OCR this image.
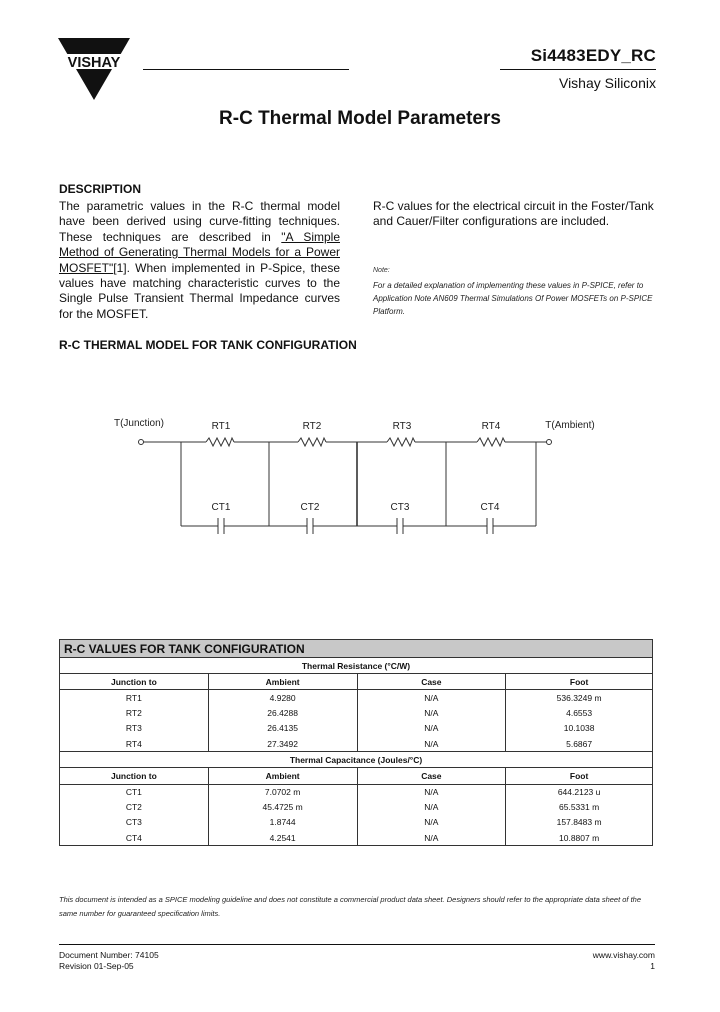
VISHAY	Si4483EDY_RC
Vishay Siliconix
R-C Thermal Model Parameters
DESCRIPTION
The parametric values in the R-C thermal model have been derived using curve-fitting techniques. These techniques are described in "A Simple Method of Generating Thermal Models for a Power MOSFET"[1]. When implemented in P-Spice, these values have matching characteristic curves to the Single Pulse Transient Thermal Impedance curves for the MOSFET.
R-C values for the electrical circuit in the Foster/Tank and Cauer/Filter configurations are included.
Note:
For a detailed explanation of implementing these values in P-SPICE, refer to Application Note AN609 Thermal Simulations Of Power MOSFETs on P-SPICE Platform.
R-C THERMAL MODEL FOR TANK CONFIGURATION
T(Junction)	T(Ambient)
RT1	RT2	RT3	RT4
CT1	CT2	CT3	CT4
R-C VALUES FOR TANK CONFIGURATION			
Thermal Resistance (°C/W)			
Junction to	Ambient	Case	Foot
RT1	4.9280	N/A	536.3249 m
RT2	26.4288	N/A	4.6553
RT3	26.4135	N/A	10.1038
RT4	27.3492	N/A	5.6867
Thermal Capacitance (Joules/°C)			
Junction to	Ambient	Case	Foot
CT1	7.0702 m	N/A	644.2123 u
CT2	45.4725 m	N/A	65.5331 m
CT3	1.8744	N/A	157.8483 m
CT4	4.2541	N/A	10.8807 m
This document is intended as a SPICE modeling guideline and does not constitute a commercial product data sheet. Designers should refer to the appropriate data sheet of the same number for guaranteed specification limits.
Document Number: 74105
Revision 01-Sep-05
www.vishay.com
1
